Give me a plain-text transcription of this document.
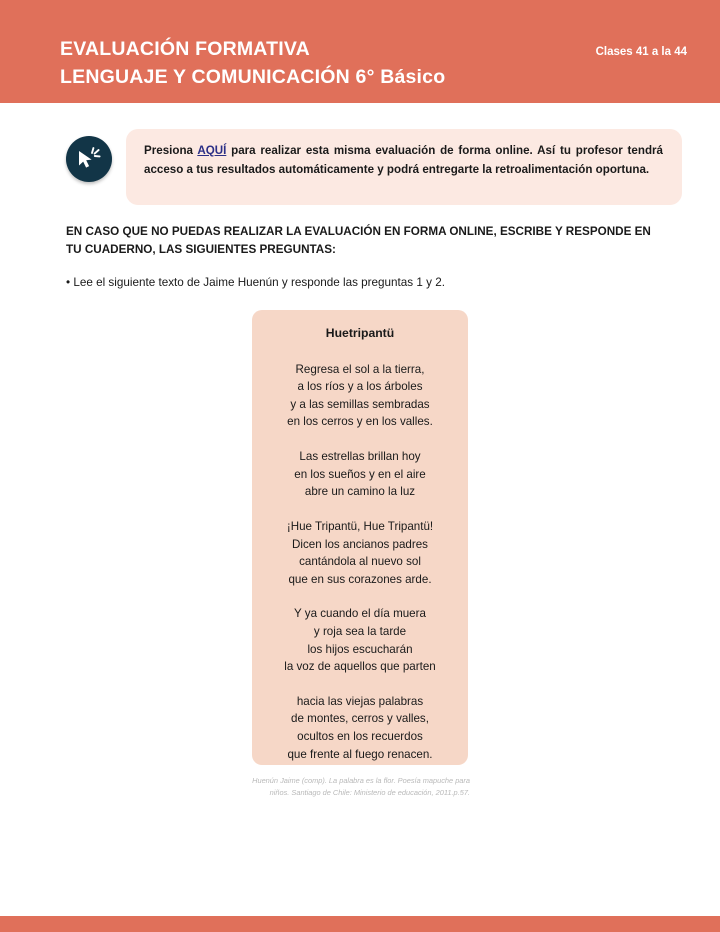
EVALUACIÓN FORMATIVA
LENGUAJE Y COMUNICACIÓN 6° Básico
Clases 41 a la 44

Presiona AQUÍ para realizar esta misma evaluación de forma online. Así tu profesor tendrá acceso a tus resultados automáticamente y podrá entregarte la retroalimentación oportuna.

EN CASO QUE NO PUEDAS REALIZAR LA EVALUACIÓN EN FORMA ONLINE, ESCRIBE Y RESPONDE EN TU CUADERNO, LAS SIGUIENTES PREGUNTAS:
• Lee el siguiente texto de Jaime Huenún y responde las preguntas 1 y 2.
Huetripantü
Regresa el sol a la tierra,
a los ríos y a los árboles
y a las semillas sembradas
en los cerros y en los valles.
Las estrellas brillan hoy
en los sueños y en el aire
abre un camino la luz
¡Hue Tripantü, Hue Tripantü!
Dicen los ancianos padres
cantándola al nuevo sol
que en sus corazones arde.
Y ya cuando el día muera
y roja sea la tarde
los hijos escucharán
la voz de aquellos que parten
hacia las viejas palabras
de montes, cerros y valles,
ocultos en los recuerdos
que frente al fuego renacen.
Huenún Jaime (comp). La palabra es la flor. Poesía mapuche para niños. Santiago de Chile: Ministerio de educación, 2011.p.57.
